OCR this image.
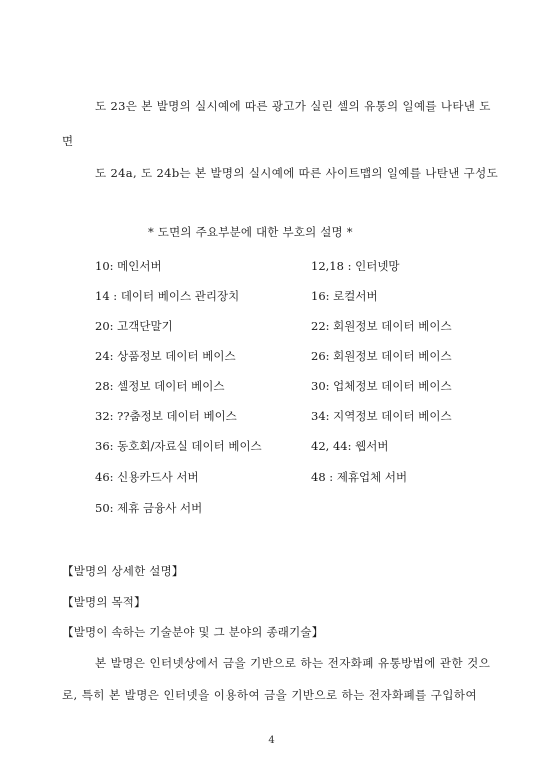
도 23은 본 발명의 실시예에 따른 광고가 실린 셀의 유통의 일예를 나타낸 도
면
도 24a, 도 24b는 본 발명의 실시예에 따른 사이트맵의 일예를 나탄낸 구성도
* 도면의 주요부분에 대한 부호의 설명 *
10: 메인서버	12,18 : 인터넷망
14 : 데이터 베이스 관리장치	16: 로컬서버
20: 고객단말기	22: 회원정보 데이터 베이스
24: 상품정보 데이터 베이스	26: 회원정보 데이터 베이스
28: 셀정보 데이터 베이스	30: 업체정보 데이터 베이스
32: ??춤정보 데이터 베이스	34: 지역정보 데이터 베이스
36: 동호회/자료실 데이터 베이스	42, 44: 웹서버
46: 신용카드사 서버	48 : 제휴업체 서버
50: 제휴 금융사 서버
【발명의 상세한 설명】
【발명의 목적】
【발명이 속하는 기술분야 및 그 분야의 종래기술】
본 발명은 인터넷상에서 금을 기반으로 하는 전자화폐 유통방법에 관한 것으
로, 특히 본 발명은 인터넷을 이용하여 금을 기반으로 하는 전자화폐를 구입하여
4
